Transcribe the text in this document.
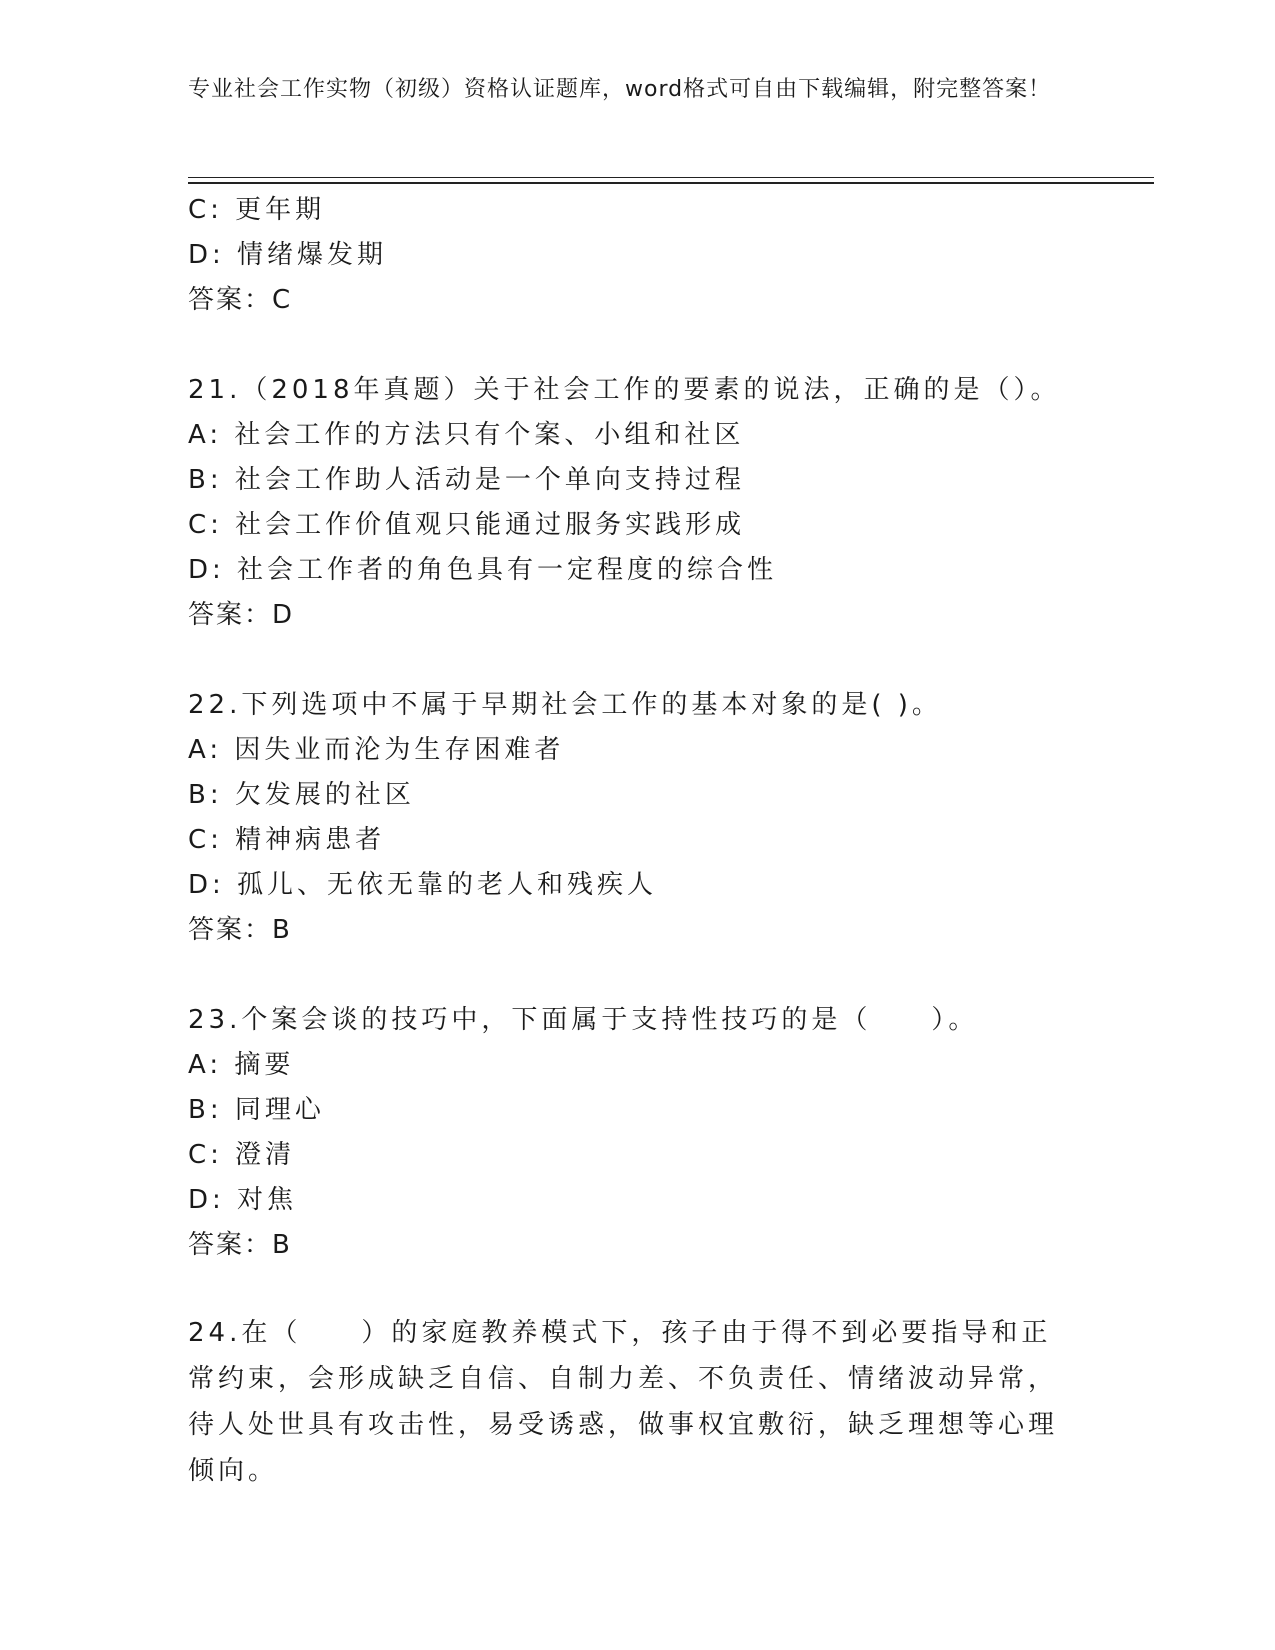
专业社会工作实物（初级）资格认证题库，word格式可自由下载编辑，附完整答案！
C: 更年期
D: 情绪爆发期
答案：C
21.（2018年真题）关于社会工作的要素的说法，正确的是（）。
A: 社会工作的方法只有个案、小组和社区
B: 社会工作助人活动是一个单向支持过程
C: 社会工作价值观只能通过服务实践形成
D: 社会工作者的角色具有一定程度的综合性
答案：D
22.下列选项中不属于早期社会工作的基本对象的是( )。
A: 因失业而沦为生存困难者
B: 欠发展的社区
C: 精神病患者
D: 孤儿、无依无靠的老人和残疾人
答案：B
23.个案会谈的技巧中，下面属于支持性技巧的是（　　）。
A: 摘要
B: 同理心
C: 澄清
D: 对焦
答案：B
24.在（　　）的家庭教养模式下，孩子由于得不到必要指导和正常约束，会形成缺乏自信、自制力差、不负责任、情绪波动异常，待人处世具有攻击性，易受诱惑，做事权宜敷衍，缺乏理想等心理倾向。
